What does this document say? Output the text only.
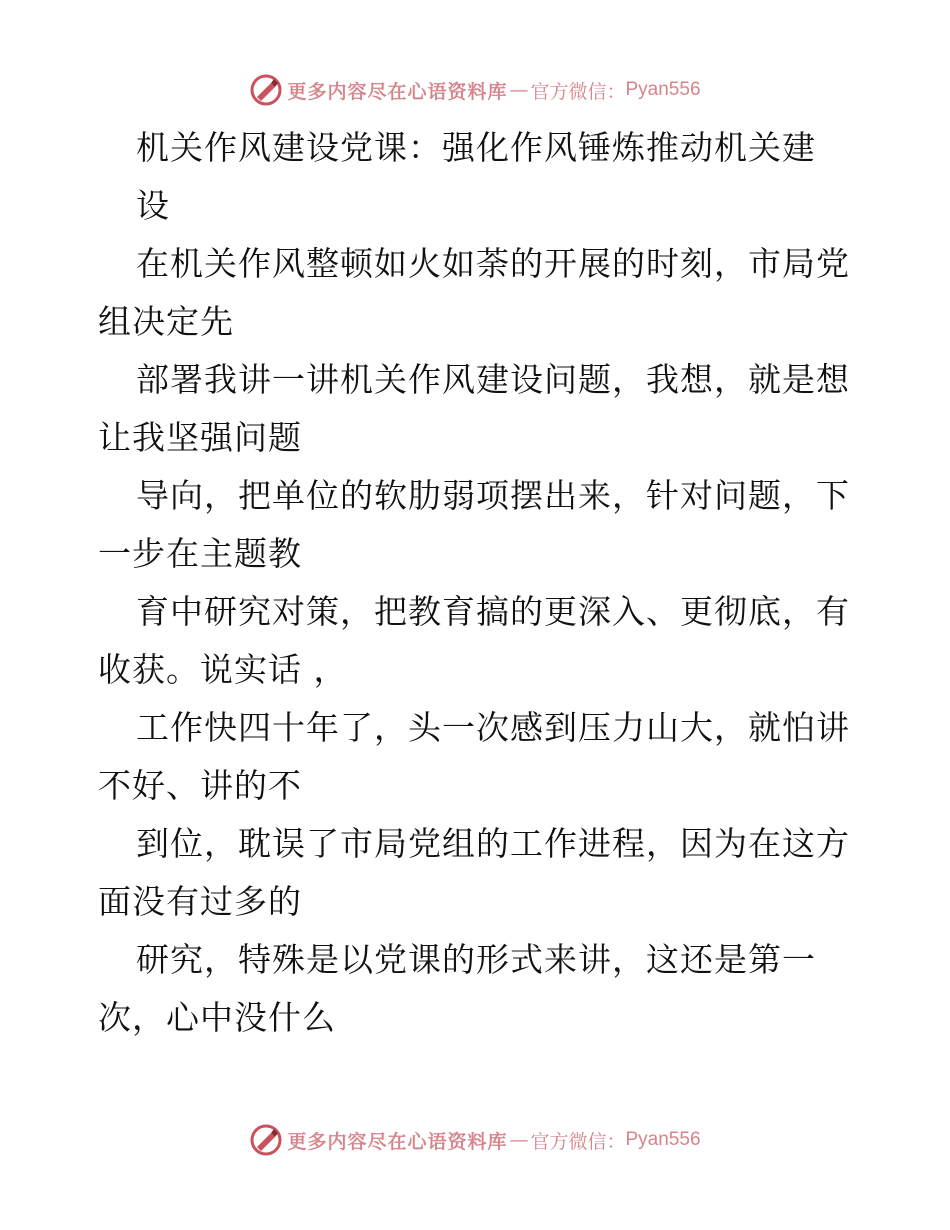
更多内容尽在心语资料库 — 官方微信： Pyan556
机关作风建设党课：强化作风锤炼推动机关建
设
在机关作风整顿如火如荼的开展的时刻，市局党
组决定先
部署我讲一讲机关作风建设问题，我想，就是想
让我坚强问题
导向，把单位的软肋弱项摆出来，针对问题，下
一步在主题教
育中研究对策，把教育搞的更深入、更彻底，有
收获。说实话 ，
工作快四十年了，头一次感到压力山大，就怕讲
不好、讲的不
到位，耽误了市局党组的工作进程，因为在这方
面没有过多的
研究，特殊是以党课的形式来讲，这还是第一
次，心中没什么
更多内容尽在心语资料库 — 官方微信： Pyan556
